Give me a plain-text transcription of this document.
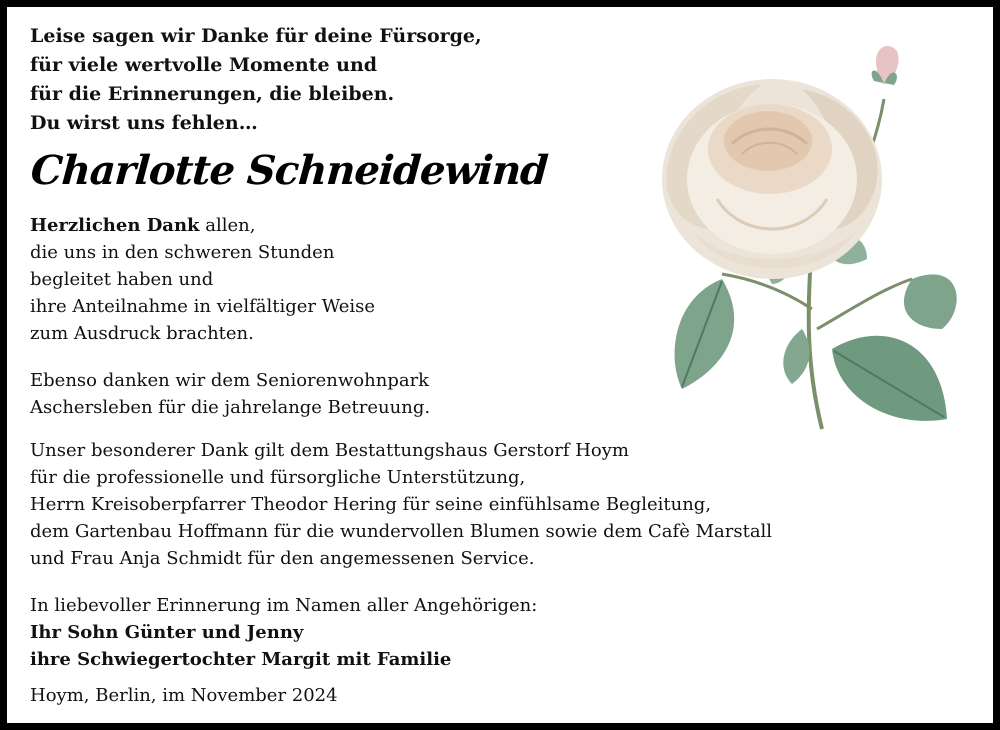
Leise sagen wir Danke für deine Fürsorge,
für viele wertvolle Momente und
für die Erinnerungen, die bleiben.
Du wirst uns fehlen…
Charlotte Schneidewind
Herzlichen Dank allen,
die uns in den schweren Stunden
begleitet haben und
ihre Anteilnahme in vielfältiger Weise
zum Ausdruck brachten.
Ebenso danken wir dem Seniorenwohnpark
Aschersleben für die jahrelange Betreuung.
Unser besonderer Dank gilt dem Bestattungshaus Gerstorf Hoym
für die professionelle und fürsorgliche Unterstützung,
Herrn Kreisoberpfarrer Theodor Hering für seine einfühlsame Begleitung,
dem Gartenbau Hoffmann für die wundervollen Blumen sowie dem Cafè Marstall
und Frau Anja Schmidt für den angemessenen Service.
In liebevoller Erinnerung im Namen aller Angehörigen:
Ihr Sohn Günter und Jenny
ihre Schwiegertochter Margit mit Familie
Hoym, Berlin, im November 2024
